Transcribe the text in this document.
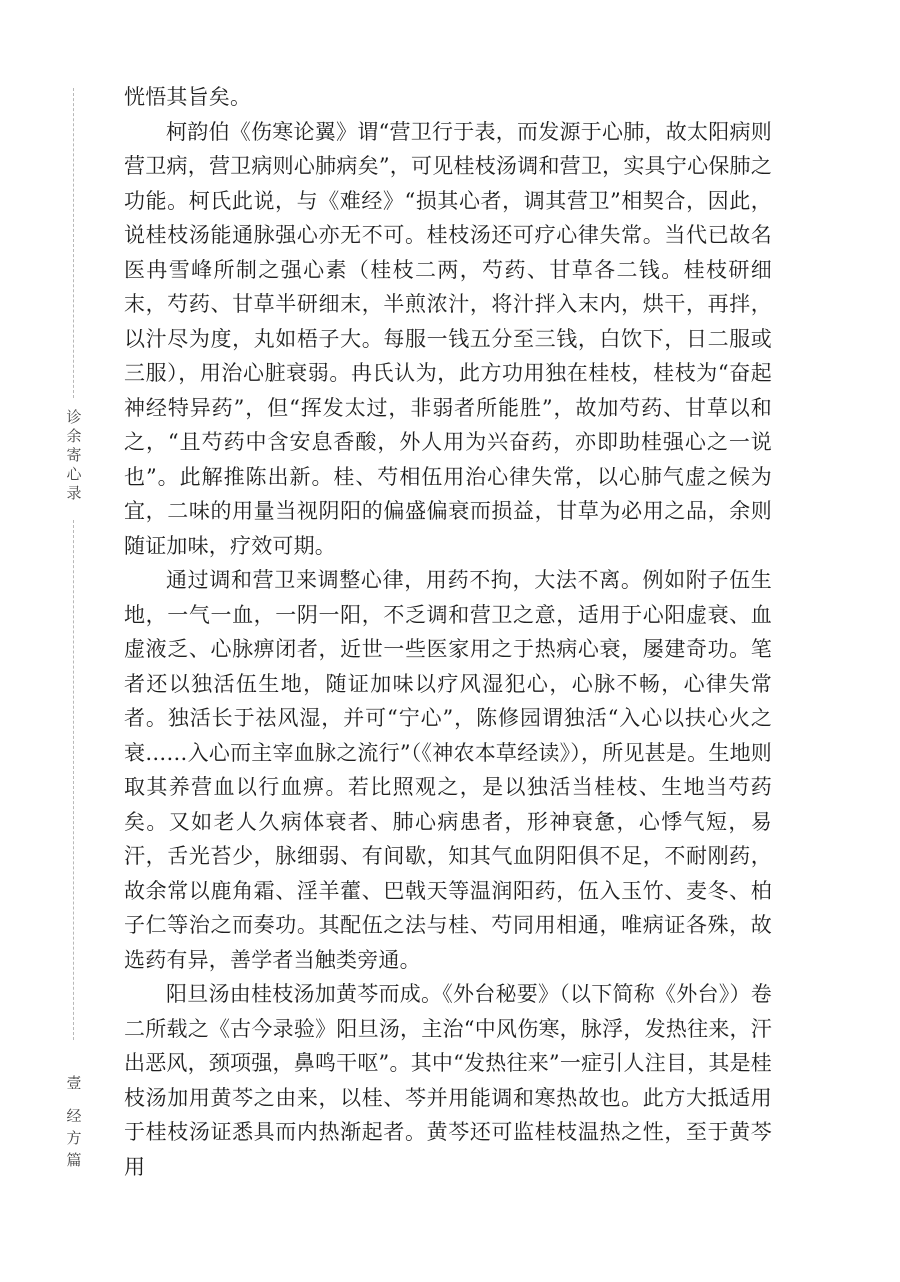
诊余寄心录
壹
经方篇

恍悟其旨矣。

柯韵伯《伤寒论翼》谓“营卫行于表，而发源于心肺，故太阳病则营卫病，营卫病则心肺病矣”，可见桂枝汤调和营卫，实具宁心保肺之功能。柯氏此说，与《难经》“损其心者，调其营卫”相契合，因此，说桂枝汤能通脉强心亦无不可。桂枝汤还可疗心律失常。当代已故名医冉雪峰所制之强心素（桂枝二两，芍药、甘草各二钱。桂枝研细末，芍药、甘草半研细末，半煎浓汁，将汁拌入末内，烘干，再拌，以汁尽为度，丸如梧子大。每服一钱五分至三钱，白饮下，日二服或三服），用治心脏衰弱。冉氏认为，此方功用独在桂枝，桂枝为“奋起神经特异药”，但“挥发太过，非弱者所能胜”，故加芍药、甘草以和之，“且芍药中含安息香酸，外人用为兴奋药，亦即助桂强心之一说也”。此解推陈出新。桂、芍相伍用治心律失常，以心肺气虚之候为宜，二味的用量当视阴阳的偏盛偏衰而损益，甘草为必用之品，余则随证加味，疗效可期。

通过调和营卫来调整心律，用药不拘，大法不离。例如附子伍生地，一气一血，一阴一阳，不乏调和营卫之意，适用于心阳虚衰、血虚液乏、心脉痹闭者，近世一些医家用之于热病心衰，屡建奇功。笔者还以独活伍生地，随证加味以疗风湿犯心，心脉不畅，心律失常者。独活长于祛风湿，并可“宁心”，陈修园谓独活“入心以扶心火之衰……入心而主宰血脉之流行”（《神农本草经读》），所见甚是。生地则取其养营血以行血痹。若比照观之，是以独活当桂枝、生地当芍药矣。又如老人久病体衰者、肺心病患者，形神衰惫，心悸气短，易汗，舌光苔少，脉细弱、有间歇，知其气血阴阳俱不足，不耐刚药，故余常以鹿角霜、淫羊藿、巴戟天等温润阳药，伍入玉竹、麦冬、柏子仁等治之而奏功。其配伍之法与桂、芍同用相通，唯病证各殊，故选药有异，善学者当触类旁通。

阳旦汤由桂枝汤加黄芩而成。《外台秘要》（以下简称《外台》）卷二所载之《古今录验》阳旦汤，主治“中风伤寒，脉浮，发热往来，汗出恶风，颈项强，鼻鸣干呕”。其中“发热往来”一症引人注目，其是桂枝汤加用黄芩之由来，以桂、芩并用能调和寒热故也。此方大抵适用于桂枝汤证悉具而内热渐起者。黄芩还可监桂枝温热之性，至于黄芩用
